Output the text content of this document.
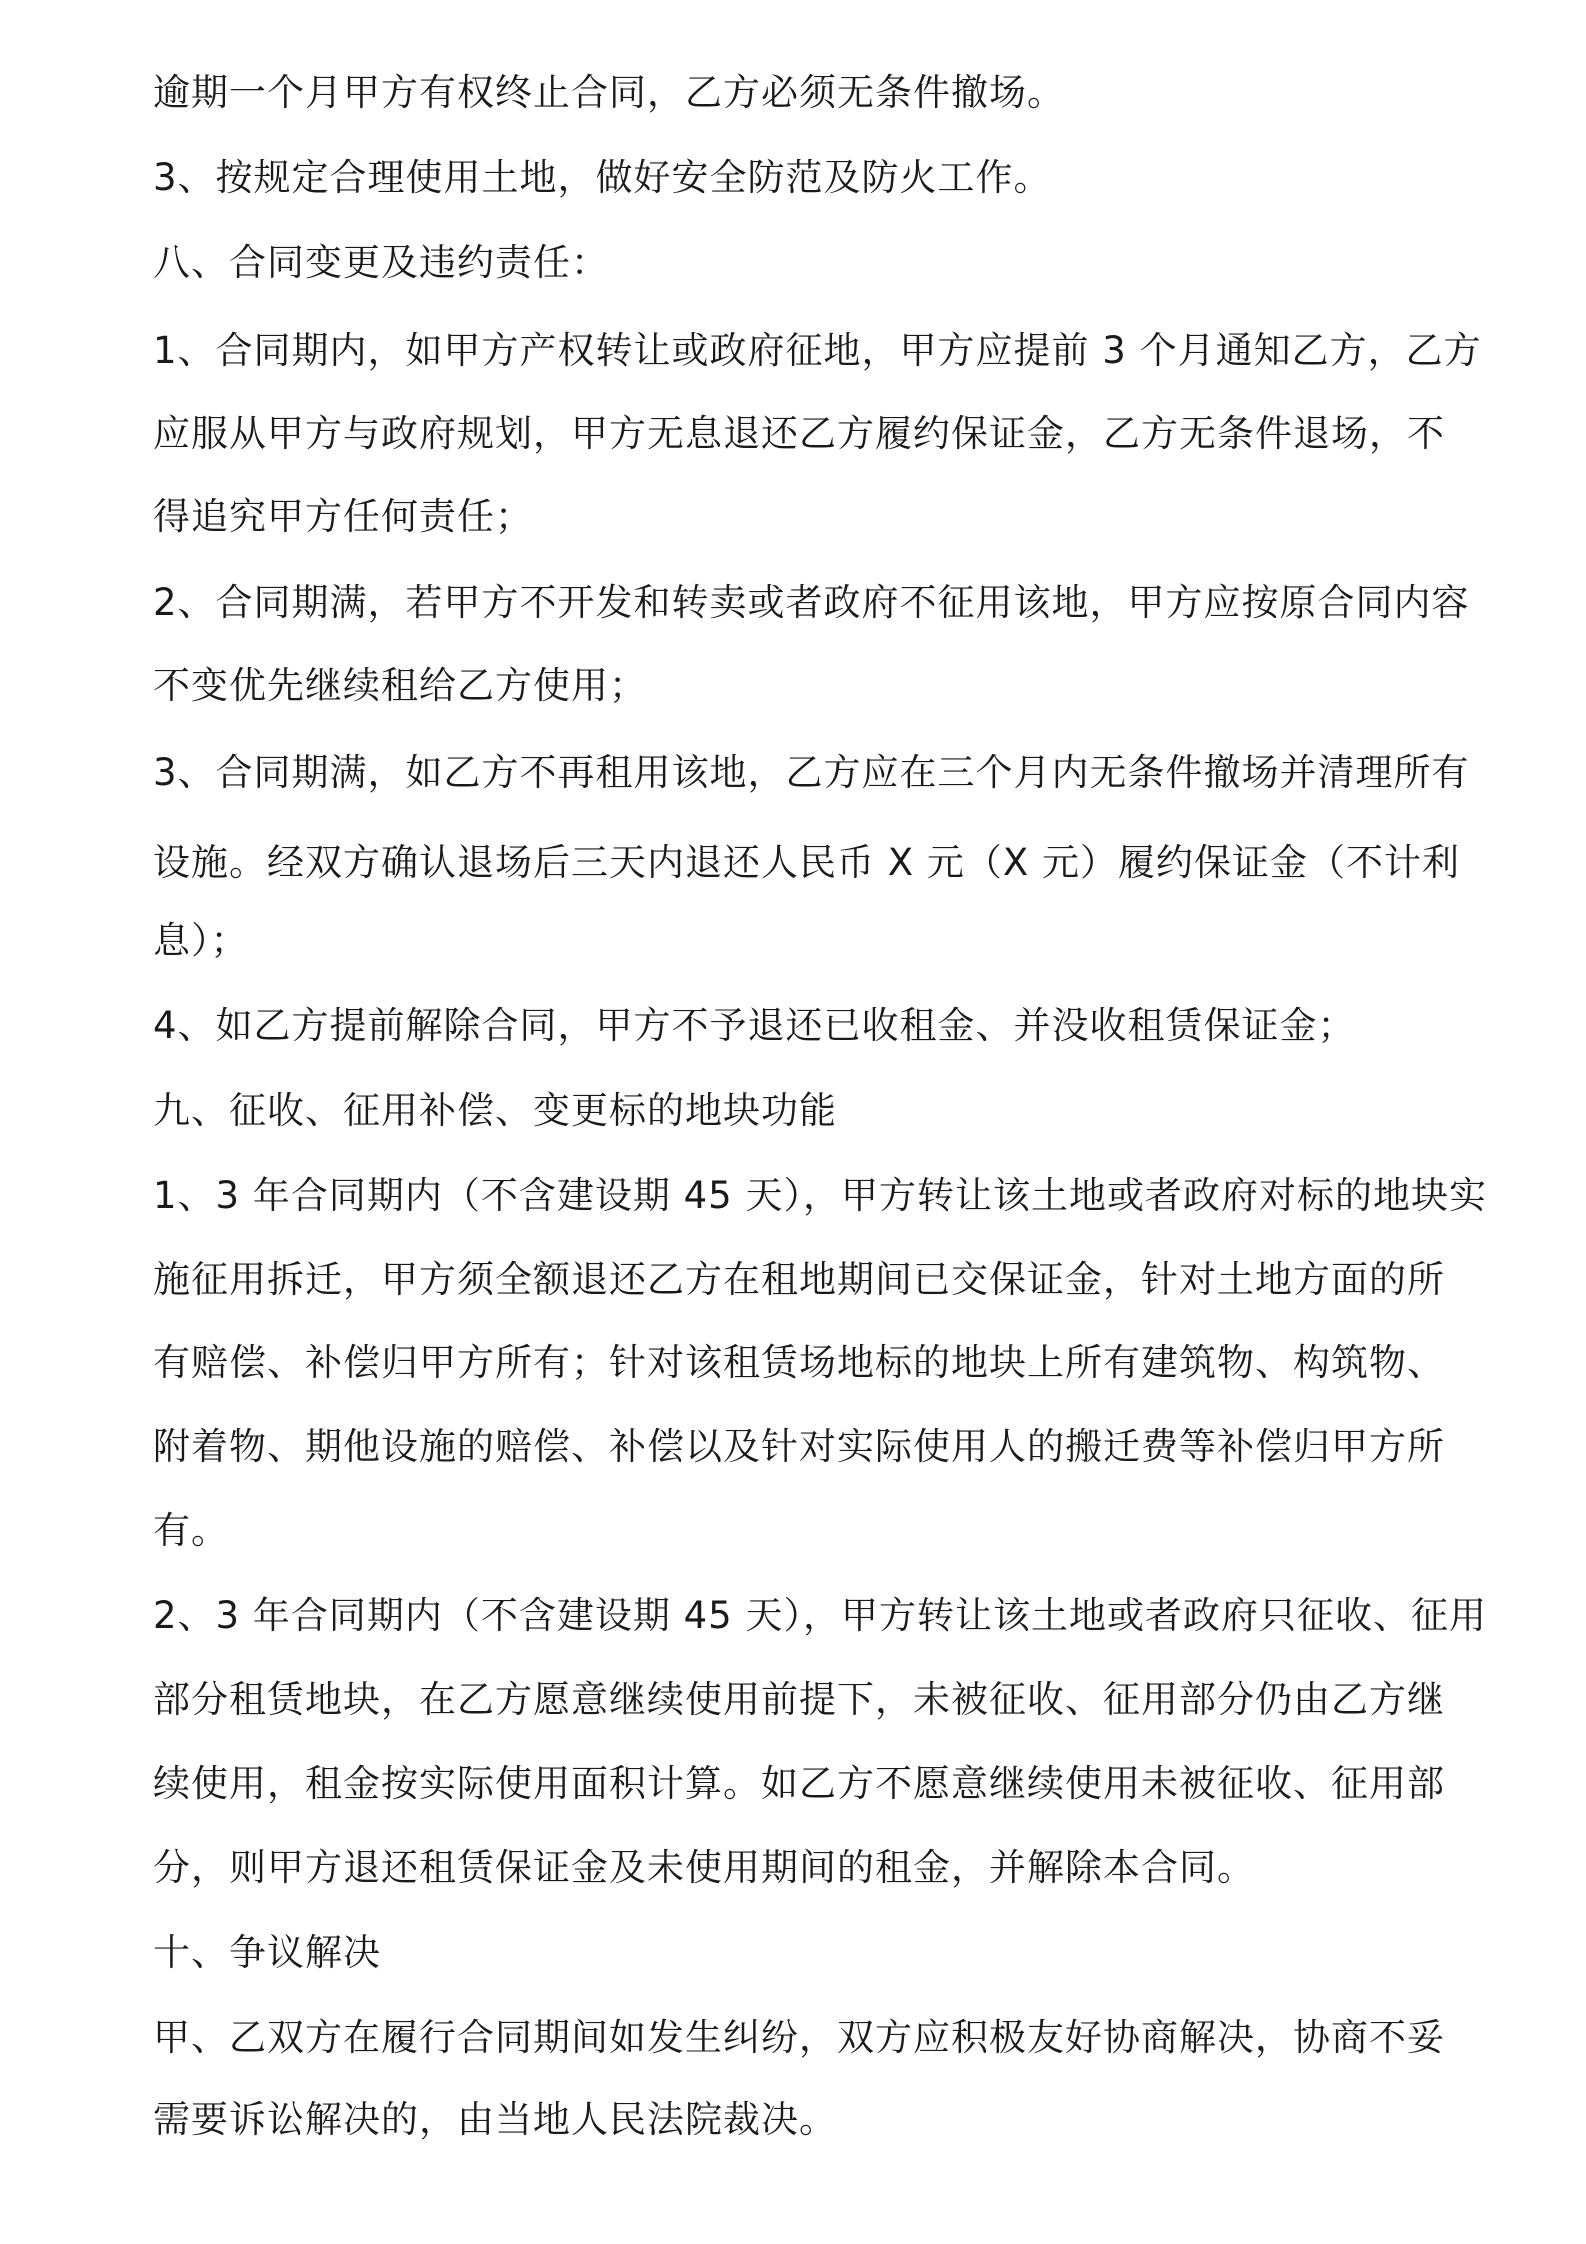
逾期一个月甲方有权终止合同，乙方必须无条件撤场。
3、按规定合理使用土地，做好安全防范及防火工作。
八、合同变更及违约责任：
1、合同期内，如甲方产权转让或政府征地，甲方应提前 3 个月通知乙方，乙方
应服从甲方与政府规划，甲方无息退还乙方履约保证金，乙方无条件退场，不
得追究甲方任何责任；
2、合同期满，若甲方不开发和转卖或者政府不征用该地，甲方应按原合同内容
不变优先继续租给乙方使用；
3、合同期满，如乙方不再租用该地，乙方应在三个月内无条件撤场并清理所有
设施。经双方确认退场后三天内退还人民币 X 元（X 元）履约保证金（不计利
息）；
4、如乙方提前解除合同，甲方不予退还已收租金、并没收租赁保证金；
九、征收、征用补偿、变更标的地块功能
1、3 年合同期内（不含建设期 45 天），甲方转让该土地或者政府对标的地块实
施征用拆迁，甲方须全额退还乙方在租地期间已交保证金，针对土地方面的所
有赔偿、补偿归甲方所有；针对该租赁场地标的地块上所有建筑物、构筑物、
附着物、期他设施的赔偿、补偿以及针对实际使用人的搬迁费等补偿归甲方所
有。
2、3 年合同期内（不含建设期 45 天），甲方转让该土地或者政府只征收、征用
部分租赁地块，在乙方愿意继续使用前提下，未被征收、征用部分仍由乙方继
续使用，租金按实际使用面积计算。如乙方不愿意继续使用未被征收、征用部
分，则甲方退还租赁保证金及未使用期间的租金，并解除本合同。
十、争议解决
甲、乙双方在履行合同期间如发生纠纷，双方应积极友好协商解决，协商不妥
需要诉讼解决的，由当地人民法院裁决。
